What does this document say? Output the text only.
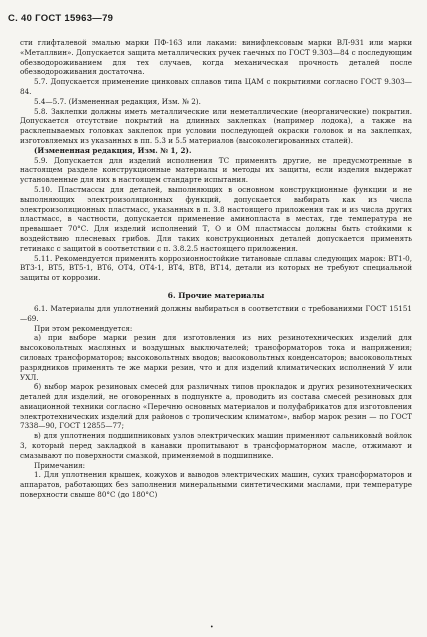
С. 40 ГОСТ 15963—79

сти глифталевой эмалью марки ПФ-163 или лаками: винифлексовым марки ВЛ-931 или марки «Металлвин». Допускается защита металлических ручек гаечных по ГОСТ 9.303—84 с последующим обезводороживанием для тех случаев, когда механическая прочность деталей после обезводороживания достаточна.

5.7. Допускается применение цинковых сплавов типа ЦАМ с покрытиями согласно ГОСТ 9.303—84.

5.4—5.7. (Измененная редакция, Изм. № 2).

5.8. Заклепки должны иметь металлические или неметаллические (неорганические) покрытия. Допускается отсутствие покрытий на длинных заклепках (например лодока), а также на расклепываемых головках заклепок при условии последующей окраски головок и на заклепках, изготовляемых из указанных в пп. 5.3 и 5.5 материалов (высоколегированных сталей).

(Измененная редакция, Изм. № 1, 2).

5.9. Допускается для изделий исполнения ТС применять другие, не предусмотренные в настоящем разделе конструкционные материалы и методы их защиты, если изделия выдержат установленные для них в настоящем стандарте испытания.

5.10. Пластмассы для деталей, выполняющих в основном конструкционные функции и не выполняющих электроизоляционных функций, допускается выбирать как из числа электроизоляционных пластмасс, указанных в п. 3.8 настоящего приложения так и из числа других пластмасс, в частности, допускается применение аминопласта в местах, где температура не превышает 70°С. Для изделий исполнений Т, О и ОМ пластмассы должны быть стойкими к воздействию плесневых грибов. Для таких конструкционных деталей допускается применять гетинакс с защитой в соответствии с п. 3.8.2.5 настоящего приложения.

5.11. Рекомендуется применять коррозионностойкие титановые сплавы следующих марок: ВТ1-0, ВТ3-1, ВТ5, ВТ5-1, ВТ6, ОТ4, ОТ4-1, ВТ4, ВТ8, ВТ14, детали из которых не требуют специальной защиты от коррозии.

6. Прочие материалы

6.1. Материалы для уплотнений должны выбираться в соответствии с требованиями ГОСТ 15151—69.

При этом рекомендуется:

а) при выборе марки резин для изготовления из них резинотехнических изделий для высоковольтных масляных и воздушных выключателей; трансформаторов тока и напряжения; силовых трансформаторов; высоковольтных вводов; высоковольтных конденсаторов; высоковольтных разрядников применять те же марки резин, что и для изделий климатических исполнений У или УХЛ.

б) выбор марок резиновых смесей для различных типов прокладок и других резинотехнических деталей для изделий, не оговоренных в подпункте а, проводить из состава смесей резиновых для авиационной техники согласно «Перечню основных материалов и полуфабрикатов для изготовления электротехнических изделий для районов с тропическим климатом», выбор марок резин — по ГОСТ 7338—90, ГОСТ 12855—77;

в) для уплотнения подшипниковых узлов электрических машин применяют сальниковый войлок 3, который перед закладкой в канавки пропитывают в трансформаторном масле, отжимают и смазывают по поверхности смазкой, применяемой в подшипнике.

Примечания:

1. Для уплотнения крышек, кожухов и выводов электрических машин, сухих трансформаторов и аппаратов, работающих без заполнения минеральными синтетическими маслами, при температуре поверхности свыше 80°С (до 180°С)

•
